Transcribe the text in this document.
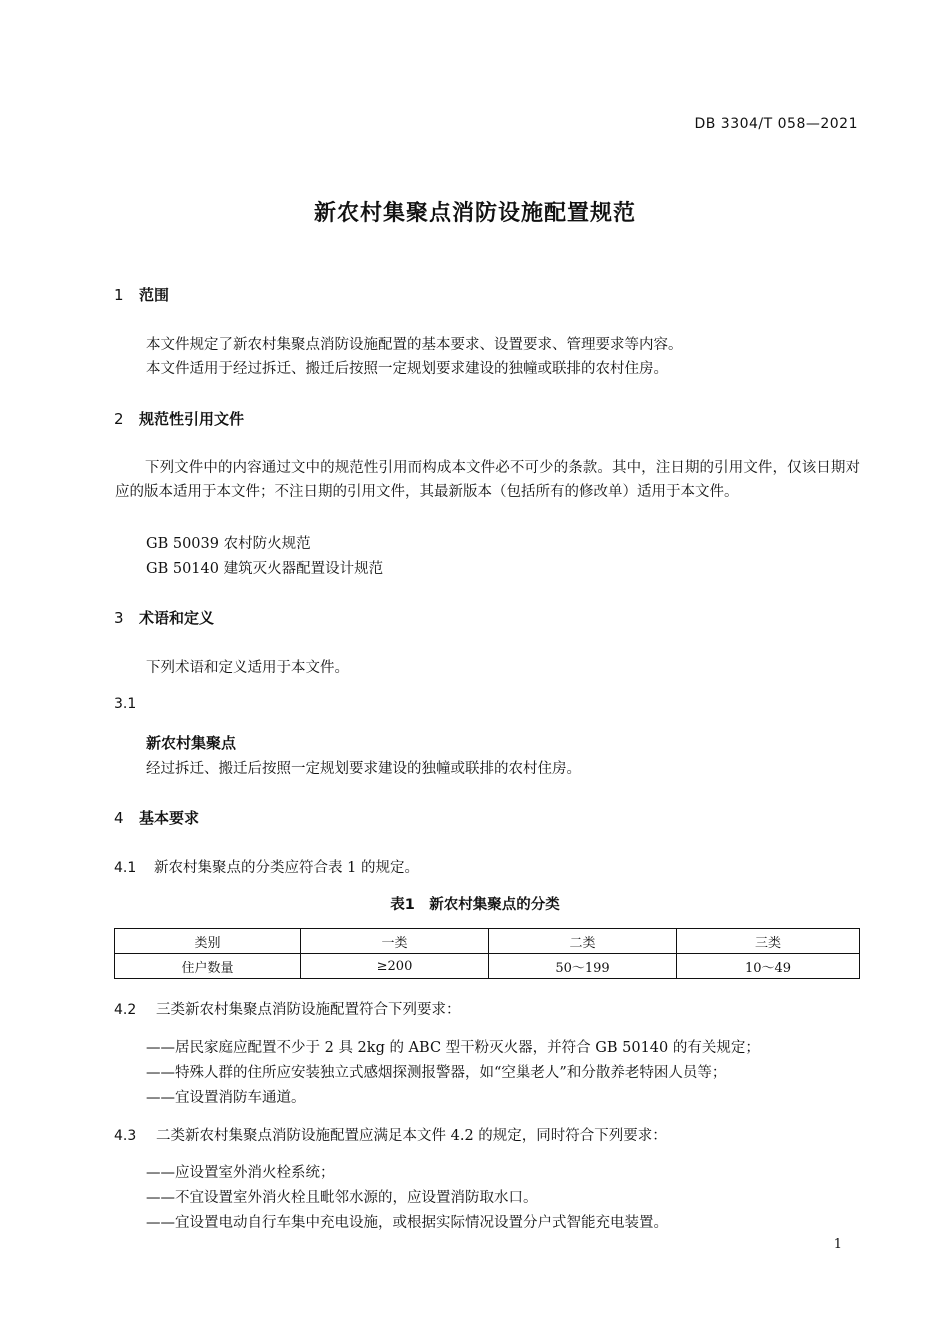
DB 3304/T 058—2021
新农村集聚点消防设施配置规范
1 范围
本文件规定了新农村集聚点消防设施配置的基本要求、设置要求、管理要求等内容。
本文件适用于经过拆迁、搬迁后按照一定规划要求建设的独幢或联排的农村住房。
2 规范性引用文件
下列文件中的内容通过文中的规范性引用而构成本文件必不可少的条款。其中，注日期的引用文件，仅该日期对应的版本适用于本文件；不注日期的引用文件，其最新版本（包括所有的修改单）适用于本文件。
GB 50039 农村防火规范
GB 50140 建筑灭火器配置设计规范
3 术语和定义
下列术语和定义适用于本文件。
3.1
新农村集聚点
经过拆迁、搬迁后按照一定规划要求建设的独幢或联排的农村住房。
4 基本要求
4.1 新农村集聚点的分类应符合表 1 的规定。
表1　新农村集聚点的分类
类别	一类	二类	三类
住户数量	≥200	50～199	10～49
4.2 三类新农村集聚点消防设施配置符合下列要求：
——居民家庭应配置不少于 2 具 2kg 的 ABC 型干粉灭火器，并符合 GB 50140 的有关规定；
——特殊人群的住所应安装独立式感烟探测报警器，如“空巢老人”和分散养老特困人员等；
——宜设置消防车通道。
4.3 二类新农村集聚点消防设施配置应满足本文件 4.2 的规定，同时符合下列要求：
——应设置室外消火栓系统；
——不宜设置室外消火栓且毗邻水源的，应设置消防取水口。
——宜设置电动自行车集中充电设施，或根据实际情况设置分户式智能充电装置。
1
